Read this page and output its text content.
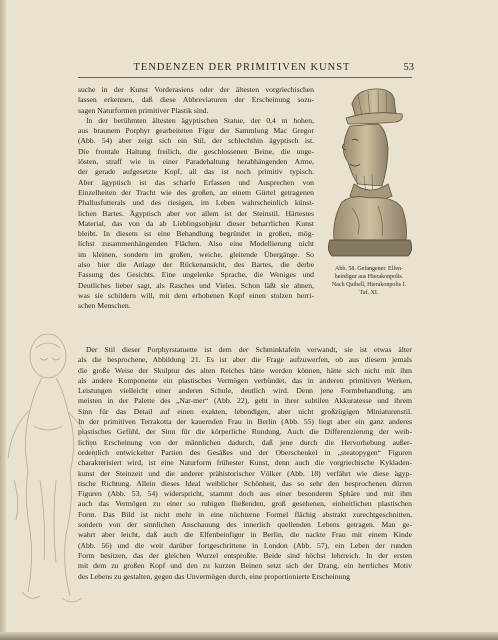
TENDENZEN DER PRIMITIVEN KUNST	53

suche in der Kunst Vorderasiens oder der ältesten vorgriechischen

lassen erkennen, daß diese Abbreviaturen der Erscheinung sozu-

sagen Naturformen primitiver Plastik sind.

In der berühmten ältesten ägyptischen Statue, der 0,4 m hohen,

aus braunem Porphyr gearbeiteten Figur der Sammlung Mac Gregor

(Abb. 54) aber zeigt sich ein Stil, der schlechthin ägyptisch ist.

Die frontale Haltung freilich, die geschlossenen Beine, die unge-

lösten, straff wie in einer Paradehaltung herabhängenden Arme,

der gerade aufgesetzte Kopf, all das ist noch primitiv typisch.

Aber ägyptisch ist das scharfe Erfassen und Ausprechen von

Einzelheiten der Tracht wie des großen, an einem Gürtel getragenen

Phallusfutterals und des riesigen, im Leben wahrscheinlich künst-

lichen Bartes. Ägyptisch aber vor allem ist der Steinstil. Härtestes

Material, das von da ab Lieblingsobjekt dieser beharrlichen Kunst

bleibt. In diesem ist eine Behandlung begründet in großen, mög-

lichst zusammenhängenden Flächen. Also eine Modellierung nicht

im kleinen, sondern im großen, weiche, gleitende Übergänge. So

also hier die Anlage der Rückenansicht, des Bartes, die derbe

Fassung des Gesichts. Eine ungelenke Sprache, die Weniges und

Deutliches lieber sagt, als Rasches und Vieles. Schon läßt sie ahnen,

was sie schildern will, mit dem erhobenen Kopf einen stolzen herri-

schen Menschen.

Abb. 58. Gefangener. Elfen-
beinfigur aus Hierakonpolis.
Nach Quibell, Hierakonpolis I.
Taf. XI.

Der Stil dieser Porphyrstatuette ist dem der Schminktafeln verwandt, sie ist etwas älter

als die besprochene, Abbildung 21. Es ist aber die Frage aufzuwerfen, ob aus diesem jemals

die große Weise der Skulptur des alten Reiches hätte werden können, hätte sich nicht mit ihm

als andere Komponente ein plastisches Vermögen verbündet, das in anderen primitiven Werken,

Leistungen vielleicht einer anderen Schule, deutlich wird. Denn jene Formbehandlung, am

meisten in der Palette des „Nar-mer“ (Abb. 22), geht in ihrer subtilen Akkuratesse und ihrem

Sinn für das Detail auf einen exakten, lebendigen, aber nicht großzügigen Miniaturenstil.

In der primitiven Terrakotta der kauernden Frau in Berlin (Abb. 55) liegt aber ein ganz anderes

plastisches Gefühl, der Sinn für die körperliche Rundung. Auch die Differenzierung der weib-

lichen Erscheinung von der männlichen dadurch, daß jene durch die Hervorhebung außer-

ordentlich entwickelter Partien des Gesäßes und der Oberschenkel in „steatopygen“ Figuren

charakterisiert wird, ist eine Naturform frühester Kunst, denn auch die vorgriechische Kykladen-

kunst der Steinzeit und die anderer prähistorischer Völker (Abb. 18) verfährt wie diese ägyp-

tische Richtung. Allein dieses Ideal weiblicher Schönheit, das so sehr den besprochenen dürren

Figuren (Abb. 53, 54) widerspricht, stammt doch aus einer besonderen Sphäre und mit ihm

auch das Vermögen zu einer so ruhigen fließenden, groß gesehenen, einheitlichen plastischen

Form. Das Bild ist nicht mehr in eine nüchterne Formel flächig abstrakt zurechtgeschnitten,

sondern von der sinnlichen Anschauung des innerlich quellenden Lebens getragen. Man ge-

wahrt aber leicht, daß auch die Elfenbeinfigur in Berlin, die nackte Frau mit einem Kinde

(Abb. 56) und die weit darüber fortgeschrittene in London (Abb. 57), ein Leben der runden

Form besitzen, das der gleichen Wurzel entsproßte. Beide sind höchst lehrreich. In der ersten

mit dem zu großen Kopf und den zu kurzen Beinen setzt sich der Drang, ein herrliches Motiv

des Lebens zu gestalten, gegen das Unvermögen durch, eine proportionierte Erscheinung
